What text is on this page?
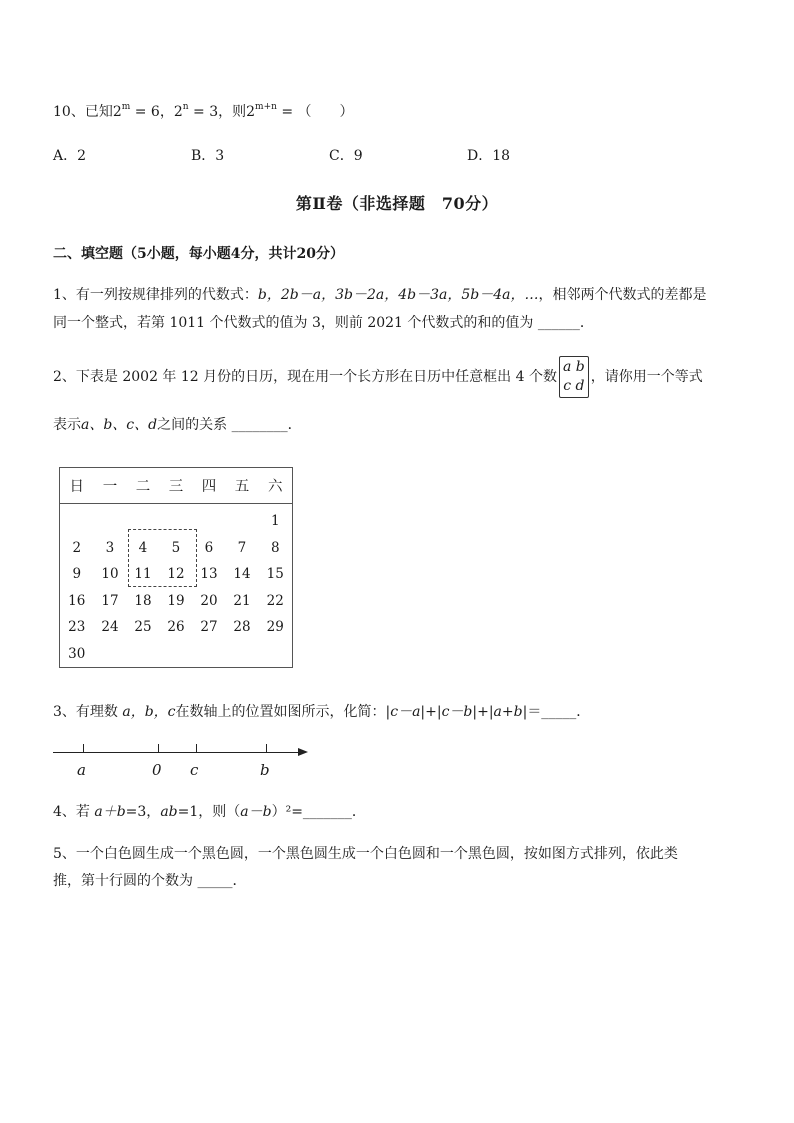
10、已知$2^m = 6$，$2^n = 3$，则$2^{m+n}$ = （　　）
A．2	B．3	C．9	D．18
第Ⅱ卷（非选择题　70分）
二、填空题（5小题，每小题4分，共计20分）
1、有一列按规律排列的代数式：b，2b－a，3b－2a，4b－3a，5b－4a，…，相邻两个代数式的差都是
同一个整式，若第 1011 个代数式的值为 3，则前 2021 个代数式的和的值为 ______．
2、下表是 2002 年 12 月份的日历，现在用一个长方形在日历中任意框出 4 个数
a b
c d
，请你用一个等式
表示a、b、c、d之间的关系 ________．
日	一	二	三	四	五	六
						1
2	3	4	5	6	7	8
9	10	11	12	13	14	15
16	17	18	19	20	21	22
23	24	25	26	27	28	29
30						
3、有理数 a，b，c在数轴上的位置如图所示，化简：|c－a|+|c－b|+|a+b|＝_____．
a	0 c	b
4、若 a＋b=3，ab=1，则（a－b）²=_______．
5、一个白色圆生成一个黑色圆，一个黑色圆生成一个白色圆和一个黑色圆，按如图方式排列，依此类
推，第十行圆的个数为 _____．
